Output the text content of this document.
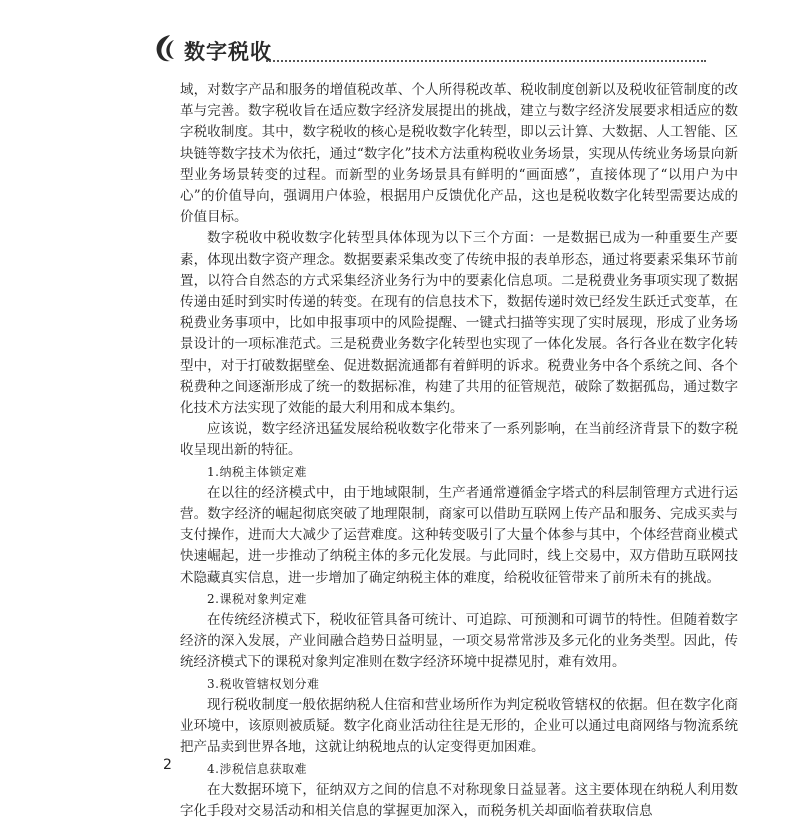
数字税收

域，对数字产品和服务的增值税改革、个人所得税改革、税收制度创新以及税收征管制度的改革与完善。数字税收旨在适应数字经济发展提出的挑战，建立与数字经济发展要求相适应的数字税收制度。其中，数字税收的核心是税收数字化转型，即以云计算、大数据、人工智能、区块链等数字技术为依托，通过“数字化”技术方法重构税收业务场景，实现从传统业务场景向新型业务场景转变的过程。而新型的业务场景具有鲜明的“画面感”，直接体现了“以用户为中心”的价值导向，强调用户体验，根据用户反馈优化产品，这也是税收数字化转型需要达成的价值目标。

数字税收中税收数字化转型具体体现为以下三个方面：一是数据已成为一种重要生产要素，体现出数字资产理念。数据要素采集改变了传统申报的表单形态，通过将要素采集环节前置，以符合自然态的方式采集经济业务行为中的要素化信息项。二是税费业务事项实现了数据传递由延时到实时传递的转变。在现有的信息技术下，数据传递时效已经发生跃迁式变革，在税费业务事项中，比如申报事项中的风险提醒、一键式扫描等实现了实时展现，形成了业务场景设计的一项标准范式。三是税费业务数字化转型也实现了一体化发展。各行各业在数字化转型中，对于打破数据壁垒、促进数据流通都有着鲜明的诉求。税费业务中各个系统之间、各个税费种之间逐渐形成了统一的数据标准，构建了共用的征管规范，破除了数据孤岛，通过数字化技术方法实现了效能的最大利用和成本集约。

应该说，数字经济迅猛发展给税收数字化带来了一系列影响，在当前经济背景下的数字税收呈现出新的特征。

1.纳税主体锁定难

在以往的经济模式中，由于地域限制，生产者通常遵循金字塔式的科层制管理方式进行运营。数字经济的崛起彻底突破了地理限制，商家可以借助互联网上传产品和服务、完成买卖与支付操作，进而大大减少了运营难度。这种转变吸引了大量个体参与其中，个体经营商业模式快速崛起，进一步推动了纳税主体的多元化发展。与此同时，线上交易中，双方借助互联网技术隐藏真实信息，进一步增加了确定纳税主体的难度，给税收征管带来了前所未有的挑战。

2.课税对象判定难

在传统经济模式下，税收征管具备可统计、可追踪、可预测和可调节的特性。但随着数字经济的深入发展，产业间融合趋势日益明显，一项交易常常涉及多元化的业务类型。因此，传统经济模式下的课税对象判定准则在数字经济环境中捉襟见肘，难有效用。

3.税收管辖权划分难

现行税收制度一般依据纳税人住宿和营业场所作为判定税收管辖权的依据。但在数字化商业环境中，该原则被质疑。数字化商业活动往往是无形的，企业可以通过电商网络与物流系统把产品卖到世界各地，这就让纳税地点的认定变得更加困难。

4.涉税信息获取难

在大数据环境下，征纳双方之间的信息不对称现象日益显著。这主要体现在纳税人利用数字化手段对交易活动和相关信息的掌握更加深入，而税务机关却面临着获取信息

2
